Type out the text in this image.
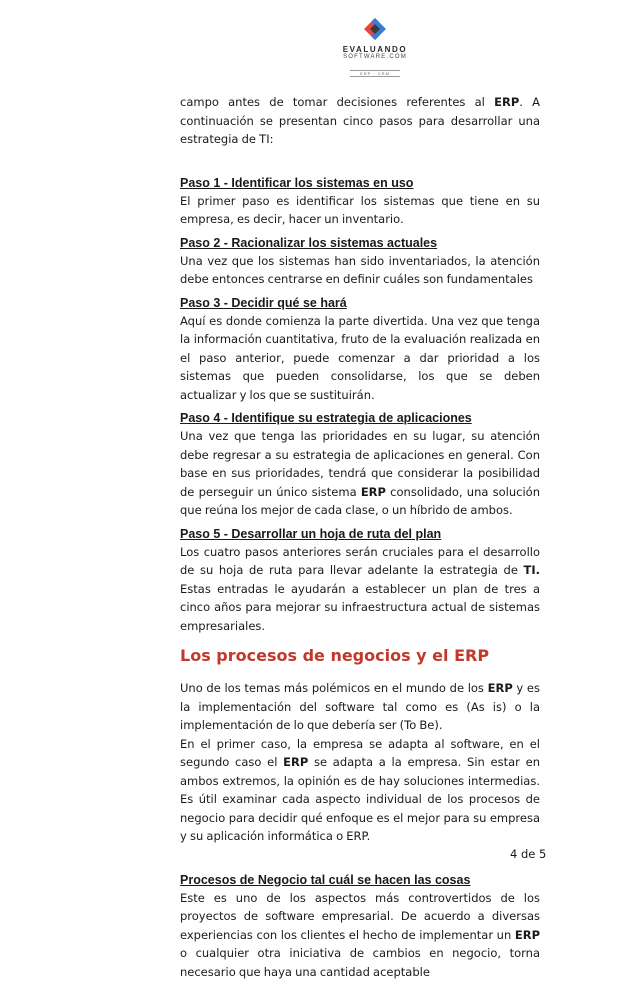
EVALUANDO
SOFTWARE.COM
ERP · CRM

campo antes de tomar decisiones referentes al ERP. A continuación se presentan cinco pasos para desarrollar una estrategia de TI:

Paso 1 - Identificar los sistemas en uso

El primer paso es identificar los sistemas que tiene en su empresa, es decir, hacer un inventario.

Paso 2 - Racionalizar los sistemas actuales

Una vez que los sistemas han sido inventariados, la atención debe entonces centrarse en definir cuáles son fundamentales

Paso 3 - Decidir qué se hará

Aquí es donde comienza la parte divertida. Una vez que tenga la información cuantitativa, fruto de la evaluación realizada en el paso anterior, puede comenzar a dar prioridad a los sistemas que pueden consolidarse, los que se deben actualizar y los que se sustituirán.

Paso 4 - Identifique su estrategia de aplicaciones

Una vez que tenga las prioridades en su lugar, su atención debe regresar a su estrategia de aplicaciones en general. Con base en sus prioridades, tendrá que considerar la posibilidad de perseguir un único sistema ERP consolidado, una solución que reúna los mejor de cada clase, o un híbrido de ambos.

Paso 5 - Desarrollar un hoja de ruta del plan

Los cuatro pasos anteriores serán cruciales para el desarrollo de su hoja de ruta para llevar adelante la estrategia de TI. Estas entradas le ayudarán a establecer un plan de tres a cinco años para mejorar su infraestructura actual de sistemas empresariales.

Los procesos de negocios y el ERP

Uno de los temas más polémicos en el mundo de los ERP y es la implementación del software tal como es (As is) o la implementación de lo que debería ser (To Be).

En el primer caso, la empresa se adapta al software, en el segundo caso el ERP se adapta a la empresa. Sin estar en ambos extremos, la opinión es de hay soluciones intermedias. Es útil examinar cada aspecto individual de los procesos de negocio para decidir qué enfoque es el mejor para su empresa y su aplicación informática o ERP.

Procesos de Negocio tal cuál se hacen las cosas

Este es uno de los aspectos más controvertidos de los proyectos de software empresarial. De acuerdo a diversas experiencias con los clientes el hecho de implementar un ERP o cualquier otra iniciativa de cambios en negocio, torna necesario que haya una cantidad aceptable

4 de 5
